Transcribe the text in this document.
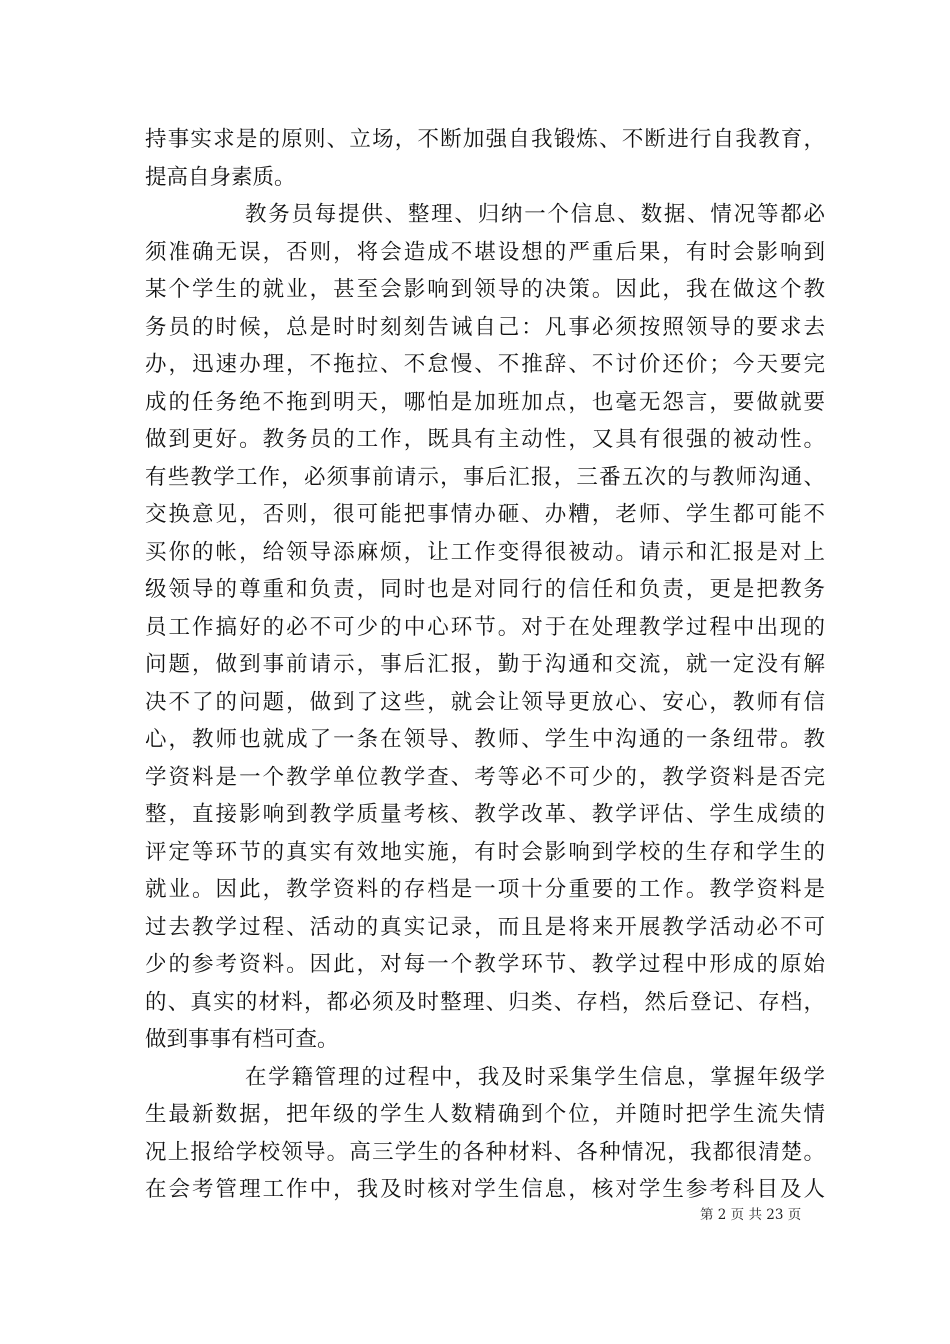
持事实求是的原则、立场，不断加强自我锻炼、不断进行自我教育，
提高自身素质。
教务员每提供、整理、归纳一个信息、数据、情况等都必
须准确无误，否则，将会造成不堪设想的严重后果，有时会影响到
某个学生的就业，甚至会影响到领导的决策。因此，我在做这个教
务员的时候，总是时时刻刻告诫自己：凡事必须按照领导的要求去
办，迅速办理，不拖拉、不怠慢、不推辞、不讨价还价；今天要完
成的任务绝不拖到明天，哪怕是加班加点，也毫无怨言，要做就要
做到更好。教务员的工作，既具有主动性，又具有很强的被动性。
有些教学工作，必须事前请示，事后汇报，三番五次的与教师沟通、
交换意见，否则，很可能把事情办砸、办糟，老师、学生都可能不
买你的帐，给领导添麻烦，让工作变得很被动。请示和汇报是对上
级领导的尊重和负责，同时也是对同行的信任和负责，更是把教务
员工作搞好的必不可少的中心环节。对于在处理教学过程中出现的
问题，做到事前请示，事后汇报，勤于沟通和交流，就一定没有解
决不了的问题，做到了这些，就会让领导更放心、安心，教师有信
心，教师也就成了一条在领导、教师、学生中沟通的一条纽带。教
学资料是一个教学单位教学查、考等必不可少的，教学资料是否完
整，直接影响到教学质量考核、教学改革、教学评估、学生成绩的
评定等环节的真实有效地实施，有时会影响到学校的生存和学生的
就业。因此，教学资料的存档是一项十分重要的工作。教学资料是
过去教学过程、活动的真实记录，而且是将来开展教学活动必不可
少的参考资料。因此，对每一个教学环节、教学过程中形成的原始
的、真实的材料，都必须及时整理、归类、存档，然后登记、存档，
做到事事有档可查。
在学籍管理的过程中，我及时采集学生信息，掌握年级学
生最新数据，把年级的学生人数精确到个位，并随时把学生流失情
况上报给学校领导。高三学生的各种材料、各种情况，我都很清楚。
在会考管理工作中，我及时核对学生信息，核对学生参考科目及人
第 2 页 共 23 页
